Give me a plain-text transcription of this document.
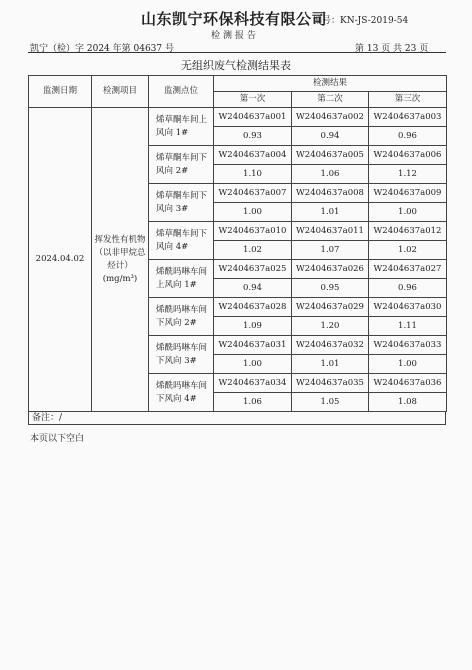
山东凯宁环保科技有限公司
编号：KN-JS-2019-54
检测报告
凯宁（检）字 2024 年第 04637 号	第 13 页 共 23 页
无组织废气检测结果表
监测日期	检测项目	监测点位	检测结果		
			第一次	第二次	第三次
2024.04.02	挥发性有机物（以非甲烷总烃计）(mg/m³)	烯草酮车间上风向 1#	W2404637a001	W2404637a002	W2404637a003
			0.93	0.94	0.96
		烯草酮车间下风向 2#	W2404637a004	W2404637a005	W2404637a006
			1.10	1.06	1.12
		烯草酮车间下风向 3#	W2404637a007	W2404637a008	W2404637a009
			1.00	1.01	1.00
		烯草酮车间下风向 4#	W2404637a010	W2404637a011	W2404637a012
			1.02	1.07	1.02
		烯酰吗啉车间上风向 1#	W2404637a025	W2404637a026	W2404637a027
			0.94	0.95	0.96
		烯酰吗啉车间下风向 2#	W2404637a028	W2404637a029	W2404637a030
			1.09	1.20	1.11
		烯酰吗啉车间下风向 3#	W2404637a031	W2404637a032	W2404637a033
			1.00	1.01	1.00
		烯酰吗啉车间下风向 4#	W2404637a034	W2404637a035	W2404637a036
			1.06	1.05	1.08
备注：/
本页以下空白
